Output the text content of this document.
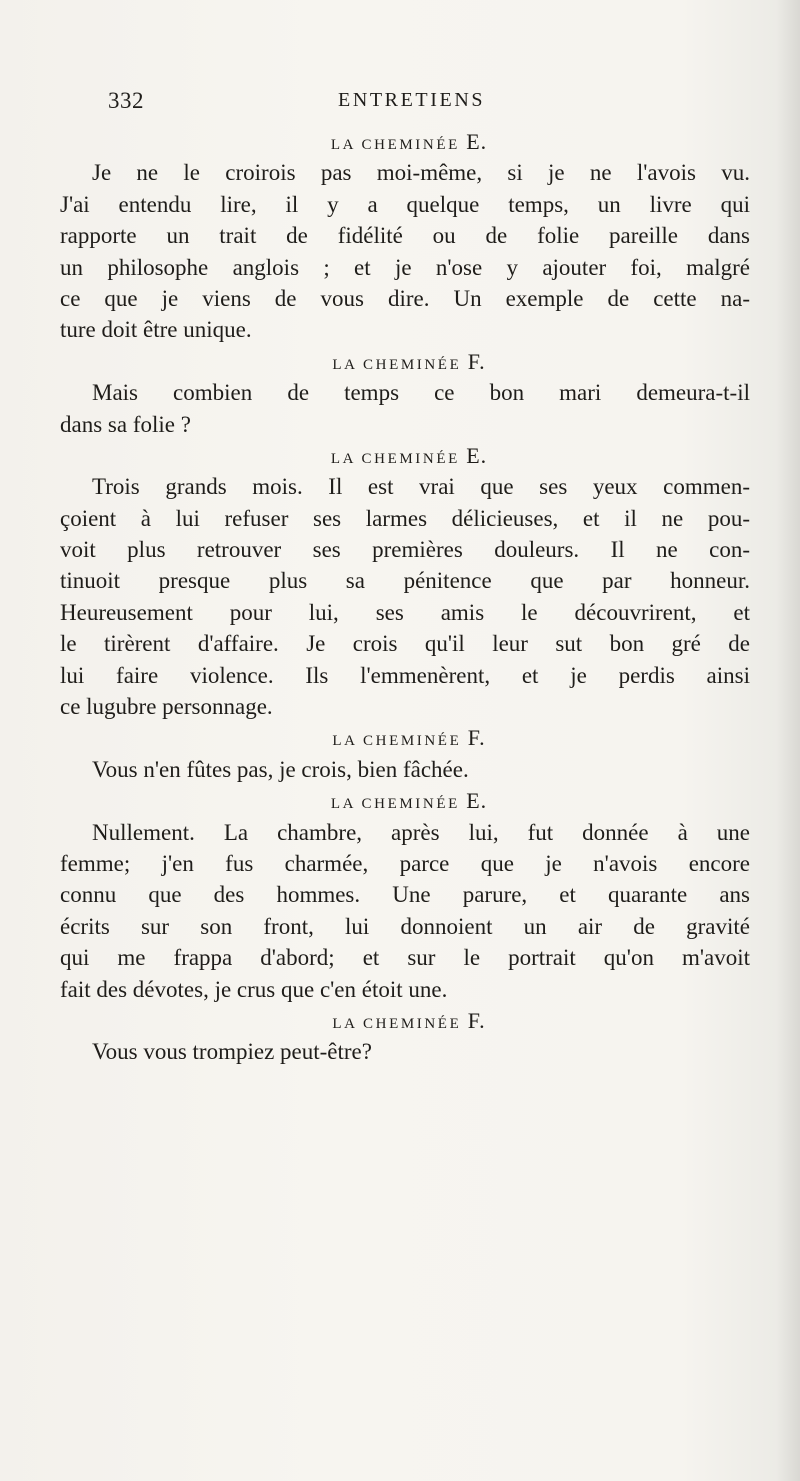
332	ENTRETIENS
LA CHEMINÉE E.
Je ne le croirois pas moi-même, si je ne l'avois vu.
J'ai entendu lire, il y a quelque temps, un livre qui
rapporte un trait de fidélité ou de folie pareille dans
un philosophe anglois ; et je n'ose y ajouter foi, malgré
ce que je viens de vous dire. Un exemple de cette na-
ture doit être unique.
LA CHEMINÉE F.
Mais combien de temps ce bon mari demeura-t-il
dans sa folie ?
LA CHEMINÉE E.
Trois grands mois. Il est vrai que ses yeux commen-
çoient à lui refuser ses larmes délicieuses, et il ne pou-
voit plus retrouver ses premières douleurs. Il ne con-
tinuoit presque plus sa pénitence que par honneur.
Heureusement pour lui, ses amis le découvrirent, et
le tirèrent d'affaire. Je crois qu'il leur sut bon gré de
lui faire violence. Ils l'emmenèrent, et je perdis ainsi
ce lugubre personnage.
LA CHEMINÉE F.
Vous n'en fûtes pas, je crois, bien fâchée.
LA CHEMINÉE E.
Nullement. La chambre, après lui, fut donnée à une
femme; j'en fus charmée, parce que je n'avois encore
connu que des hommes. Une parure, et quarante ans
écrits sur son front, lui donnoient un air de gravité
qui me frappa d'abord; et sur le portrait qu'on m'avoit
fait des dévotes, je crus que c'en étoit une.
LA CHEMINÉE F.
Vous vous trompiez peut-être?
